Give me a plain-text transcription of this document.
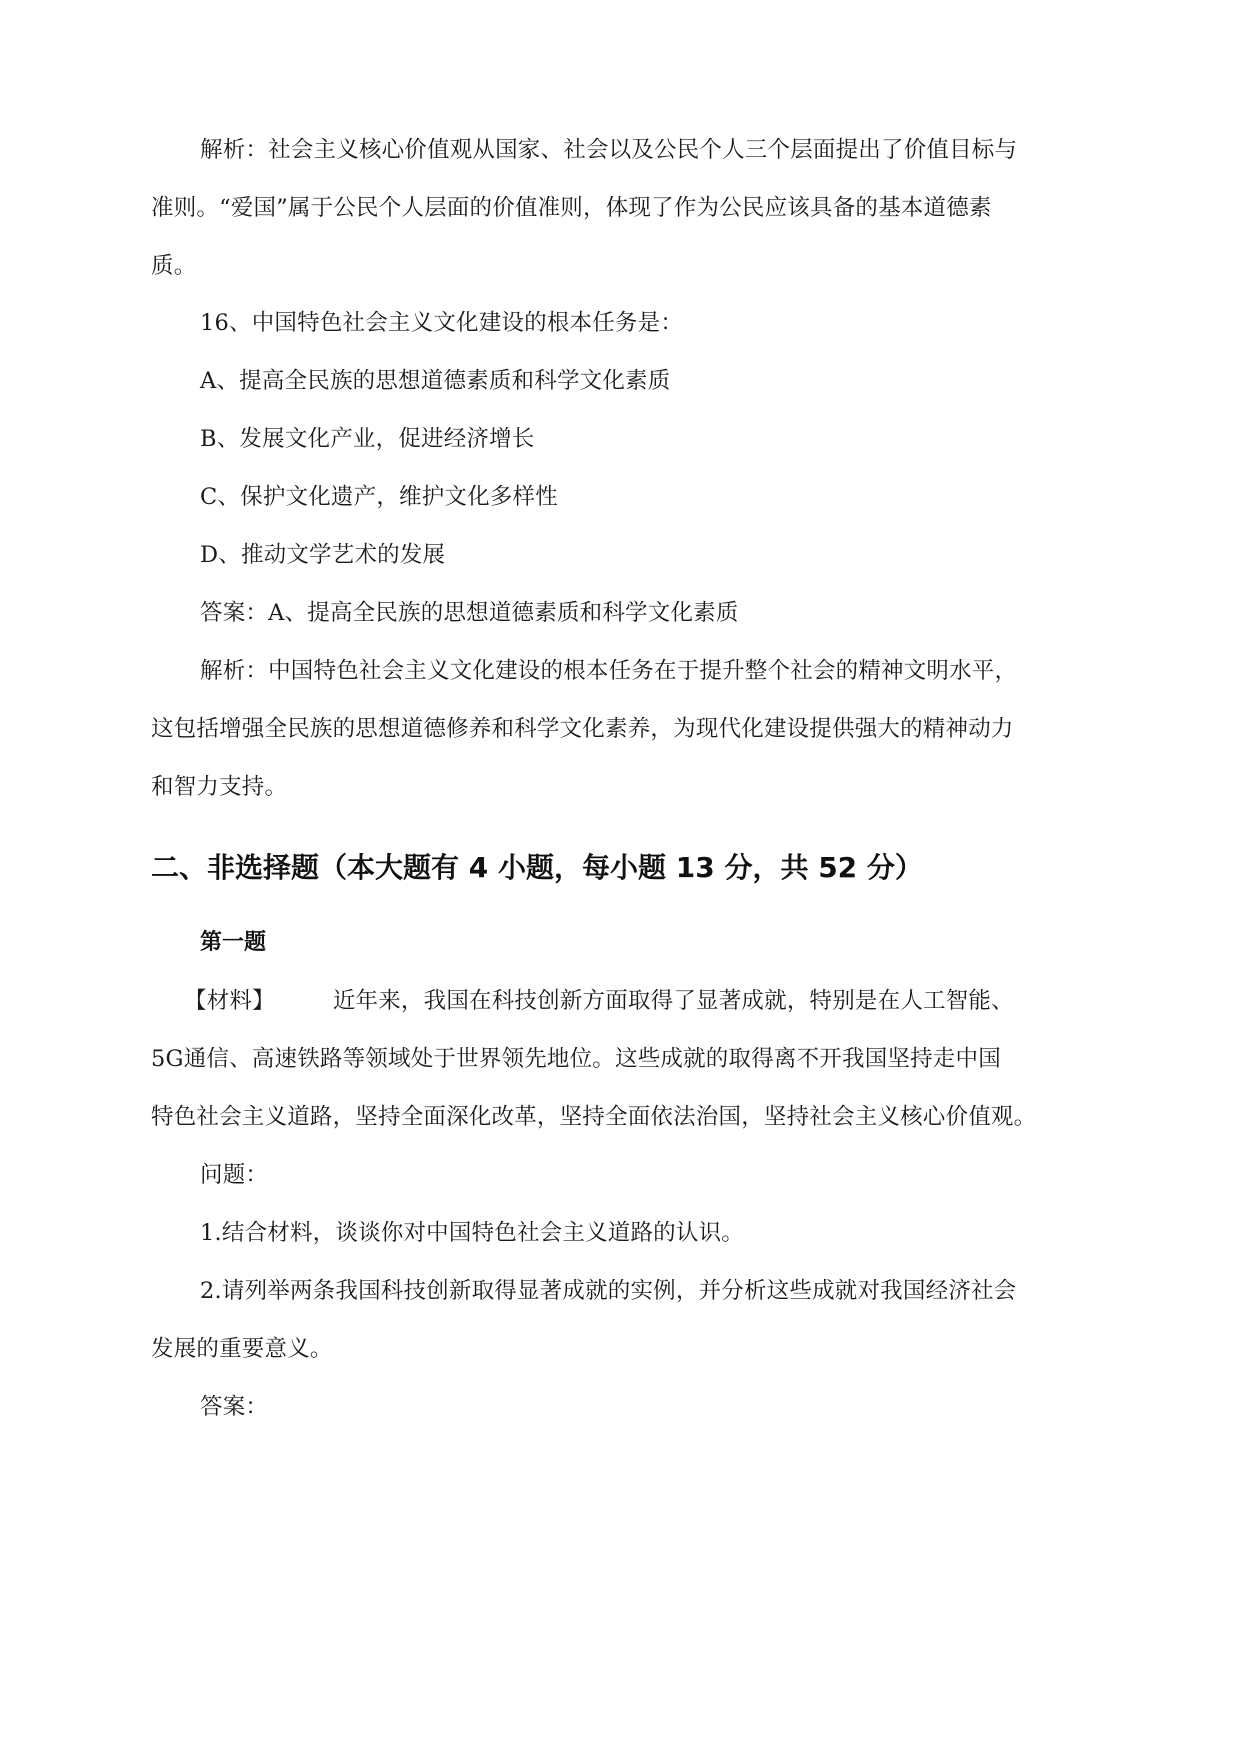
解析：社会主义核心价值观从国家、社会以及公民个人三个层面提出了价值目标与
准则。“爱国”属于公民个人层面的价值准则，体现了作为公民应该具备的基本道德素
质。
16、中国特色社会主义文化建设的根本任务是：
A、提高全民族的思想道德素质和科学文化素质
B、发展文化产业，促进经济增长
C、保护文化遗产，维护文化多样性
D、推动文学艺术的发展
答案：A、提高全民族的思想道德素质和科学文化素质
解析：中国特色社会主义文化建设的根本任务在于提升整个社会的精神文明水平，
这包括增强全民族的思想道德修养和科学文化素养，为现代化建设提供强大的精神动力
和智力支持。
二、非选择题（本大题有 4 小题，每小题 13 分，共 52 分）
第一题
【材料】	近年来，我国在科技创新方面取得了显著成就，特别是在人工智能、
5G通信、高速铁路等领域处于世界领先地位。这些成就的取得离不开我国坚持走中国
特色社会主义道路，坚持全面深化改革，坚持全面依法治国，坚持社会主义核心价值观。
问题：
1.结合材料，谈谈你对中国特色社会主义道路的认识。
2.请列举两条我国科技创新取得显著成就的实例，并分析这些成就对我国经济社会
发展的重要意义。
答案：
